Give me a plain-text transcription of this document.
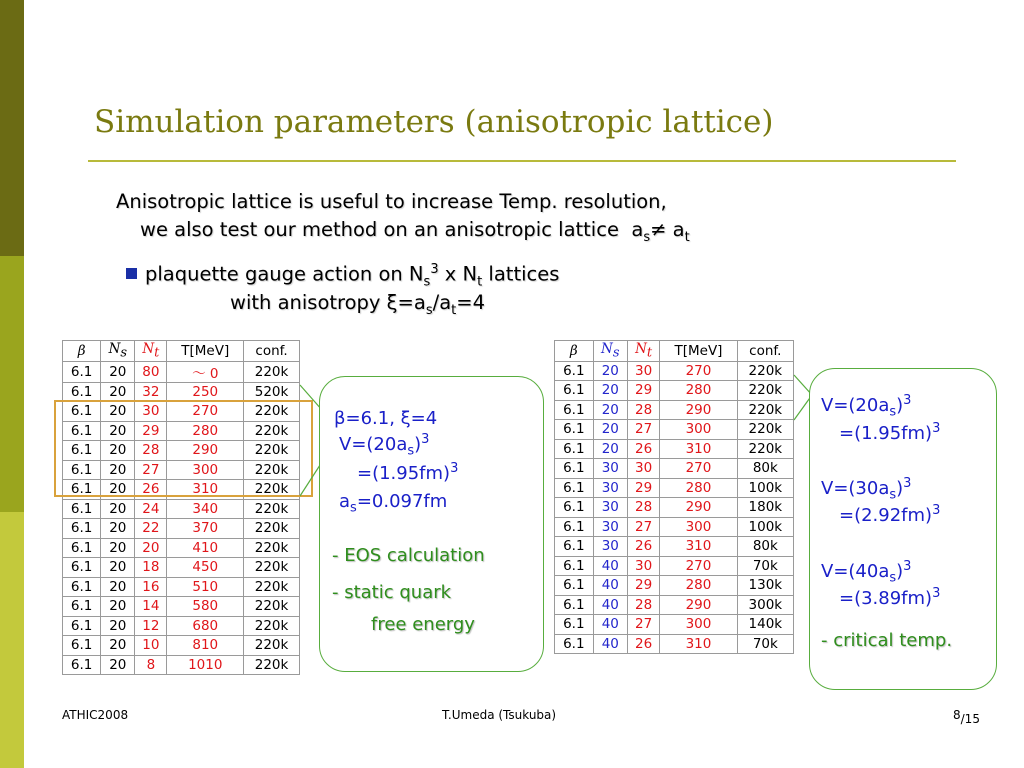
Simulation parameters (anisotropic lattice)
Anisotropic lattice is useful to increase Temp. resolution,
we also test our method on an anisotropic lattice $a_s\ne a_t$
plaquette gauge action on $N_s^3$ x $N_t$ lattices
with anisotropy $\xi=a_s/a_t=4$
β	$N_s$	$N_t$	T[MeV]	conf.
6.1	20	80	～ 0	220k
6.1	20	32	250	520k
6.1	20	30	270	220k
6.1	20	29	280	220k
6.1	20	28	290	220k
6.1	20	27	300	220k
6.1	20	26	310	220k
6.1	20	24	340	220k
6.1	20	22	370	220k
6.1	20	20	410	220k
6.1	20	18	450	220k
6.1	20	16	510	220k
6.1	20	14	580	220k
6.1	20	12	680	220k
6.1	20	10	810	220k
6.1	20	8	1010	220k
β	$N_s$	$N_t$	T[MeV]	conf.
6.1	20	30	270	220k
6.1	20	29	280	220k
6.1	20	28	290	220k
6.1	20	27	300	220k
6.1	20	26	310	220k
6.1	30	30	270	80k
6.1	30	29	280	100k
6.1	30	28	290	180k
6.1	30	27	300	100k
6.1	30	26	310	80k
6.1	40	30	270	70k
6.1	40	29	280	130k
6.1	40	28	290	300k
6.1	40	27	300	140k
6.1	40	26	310	70k
β=6.1, ξ=4
$V=(20a_s)^3$
$=(1.95fm)^3$
$a_s=0.097fm$
- EOS calculation
- static quark
free energy
$V=(20a_s)^3$
$=(1.95fm)^3$
$V=(30a_s)^3$
$=(2.92fm)^3$
$V=(40a_s)^3$
$=(3.89fm)^3$
- critical temp.
ATHIC2008	T.Umeda (Tsukuba)	8/15
